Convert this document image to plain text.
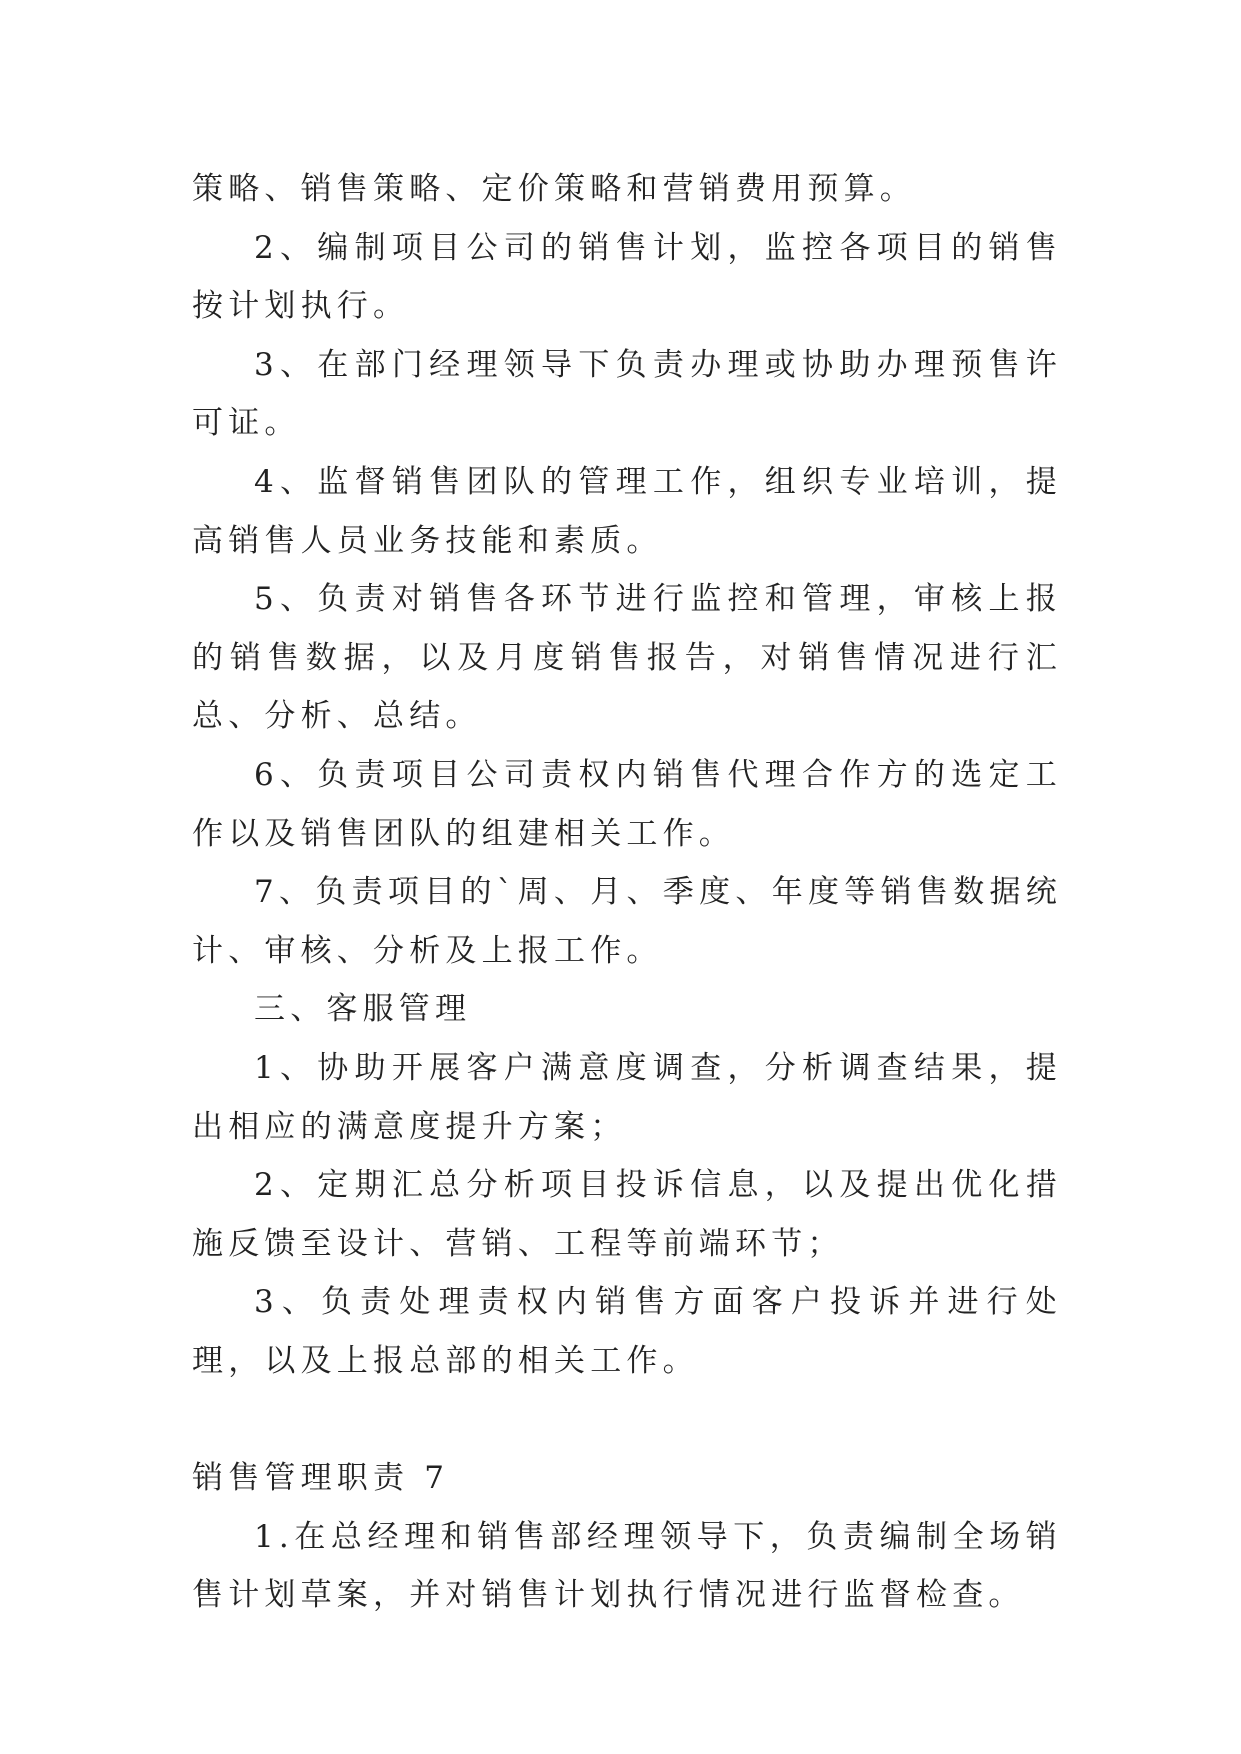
策略、销售策略、定价策略和营销费用预算。

2、编制项目公司的销售计划，监控各项目的销售按计划执行。

3、在部门经理领导下负责办理或协助办理预售许可证。

4、监督销售团队的管理工作，组织专业培训，提高销售人员业务技能和素质。

5、负责对销售各环节进行监控和管理，审核上报的销售数据，以及月度销售报告，对销售情况进行汇总、分析、总结。

6、负责项目公司责权内销售代理合作方的选定工作以及销售团队的组建相关工作。

7、负责项目的`周、月、季度、年度等销售数据统计、审核、分析及上报工作。

三、客服管理

1、协助开展客户满意度调查，分析调查结果，提出相应的满意度提升方案；

2、定期汇总分析项目投诉信息，以及提出优化措施反馈至设计、营销、工程等前端环节；

3、负责处理责权内销售方面客户投诉并进行处理，以及上报总部的相关工作。

销售管理职责 7

1.在总经理和销售部经理领导下，负责编制全场销售计划草案，并对销售计划执行情况进行监督检查。
